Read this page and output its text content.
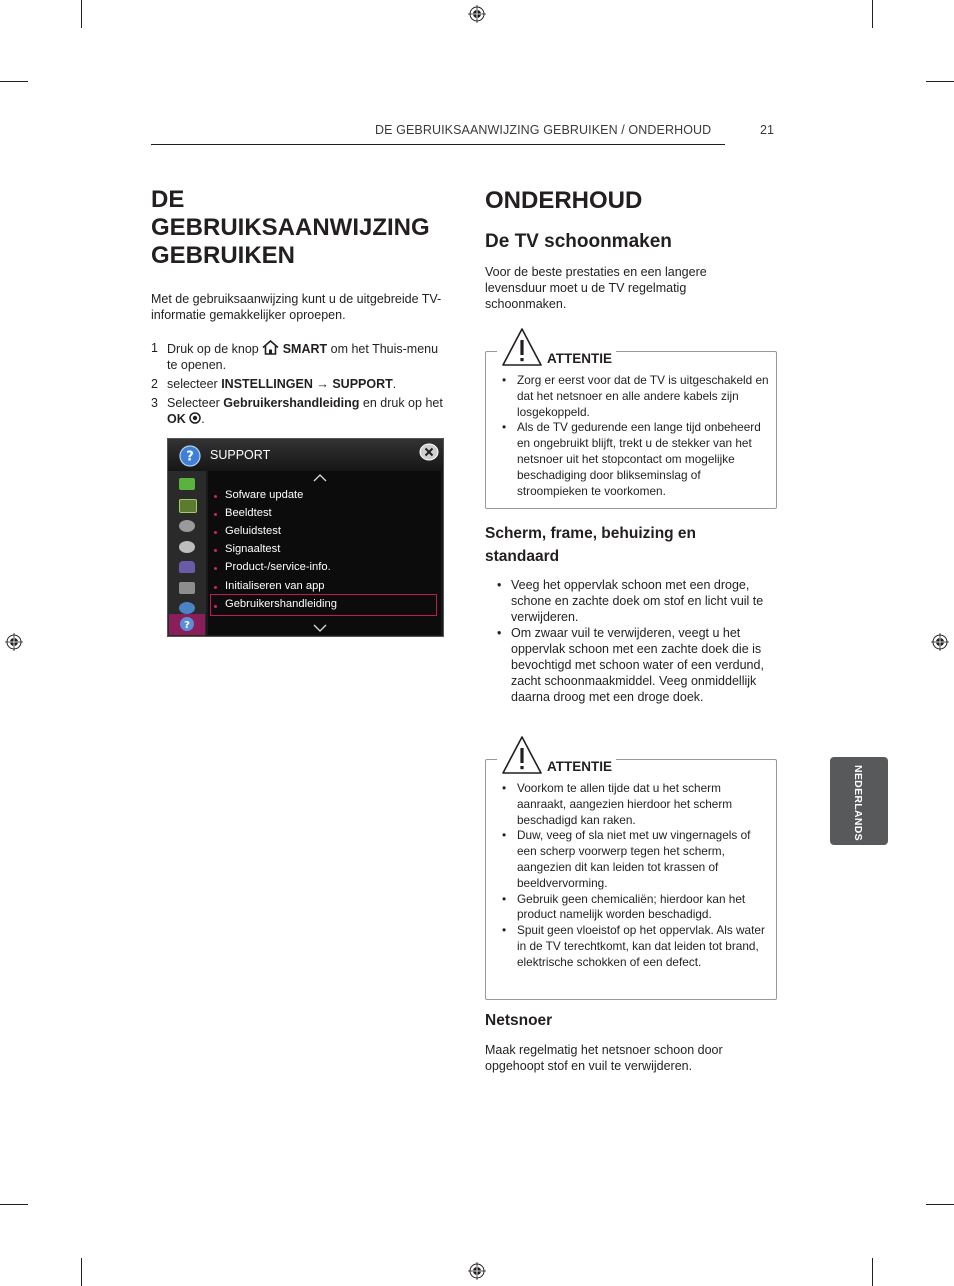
DE GEBRUIKSAANWIJZING GEBRUIKEN / ONDERHOUD	21
DE
GEBRUIKSAANWIJZING
GEBRUIKEN

Met de gebruiksaanwijzing kunt u de uitgebreide TV-informatie gemakkelijker oproepen.

1 Druk op de knop  SMART om het Thuis-menu te openen.
2 selecteer INSTELLINGEN → SUPPORT.
3 Selecteer Gebruikershandleiding en druk op het OK .
? SUPPORT
?
Sofware update
Beeldtest
Geluidstest
Signaaltest
Product-/service-info.
Initialiseren van app
Gebruikershandleiding
ONDERHOUD
De TV schoonmaken

Voor de beste prestaties en een langere levensduur moet u de TV regelmatig schoonmaken.

• Zorg er eerst voor dat de TV is uitgeschakeld en dat het netsnoer en alle andere kabels zijn losgekoppeld.
• Als de TV gedurende een lange tijd onbeheerd en ongebruikt blijft, trekt u de stekker van het netsnoer uit het stopcontact om mogelijke beschadiging door blikseminslag of stroompieken te voorkomen.
ATTENTIE
Scherm, frame, behuizing en standaard
• Veeg het oppervlak schoon met een droge, schone en zachte doek om stof en licht vuil te verwijderen.
• Om zwaar vuil te verwijderen, veegt u het oppervlak schoon met een zachte doek die is bevochtigd met schoon water of een verdund, zacht schoonmaakmiddel. Veeg onmiddellijk daarna droog met een droge doek.
• Voorkom te allen tijde dat u het scherm aanraakt, aangezien hierdoor het scherm beschadigd kan raken.
• Duw, veeg of sla niet met uw vingernagels of een scherp voorwerp tegen het scherm, aangezien dit kan leiden tot krassen of beeldvervorming.
• Gebruik geen chemicaliën; hierdoor kan het product namelijk worden beschadigd.
• Spuit geen vloeistof op het oppervlak. Als water in de TV terechtkomt, kan dat leiden tot brand, elektrische schokken of een defect.
ATTENTIE
Netsnoer

Maak regelmatig het netsnoer schoon door opgehoopt stof en vuil te verwijderen.

NEDERLANDS
